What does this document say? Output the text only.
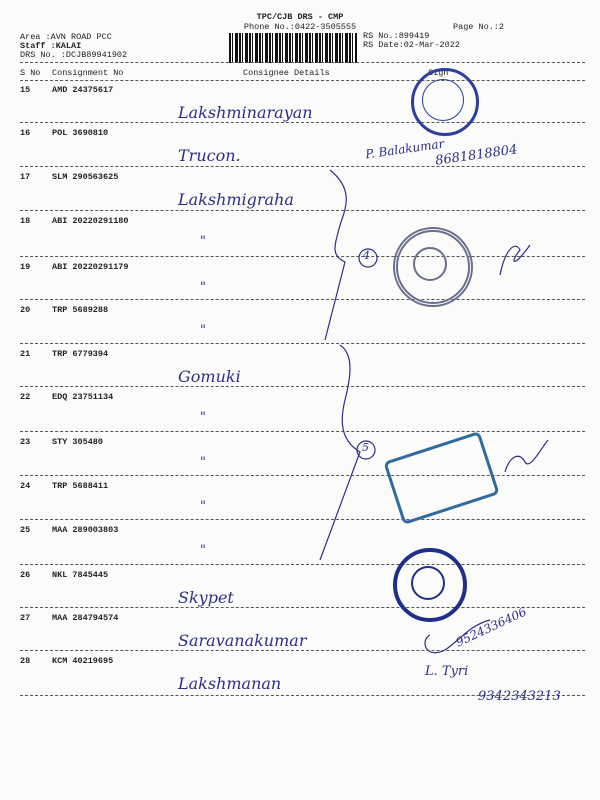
TPC/CJB DRS - CMP
Phone No.:0422-3505555	Page No.:2
Area :AVN ROAD PCC
Staff :KALAI
DRS No. :DCJB89941902
RS No.:899419
RS Date:02-Mar-2022
S No Consignment No	Consignee Details	Sign
15	AMD 24375617
Lakshminarayan
16	POL 3690810
Trucon.
17	SLM 290563625
Lakshmigraha
18	ABI 20220291180
"
19	ABI 20220291179
"
20	TRP 5689288
"
21	TRP 6779394
Gomuki
22	EDQ 23751134
"
23	STY 305480
"
24	TRP 5688411
"
25	MAA 289003803
"
26	NKL 7845445
Skypet
27	MAA 284794574
Saravanakumar
28	KCM 40219695
Lakshmanan
4
5
P. Balakumar
8681818804
9524336406
L. Tyri
9342343213
